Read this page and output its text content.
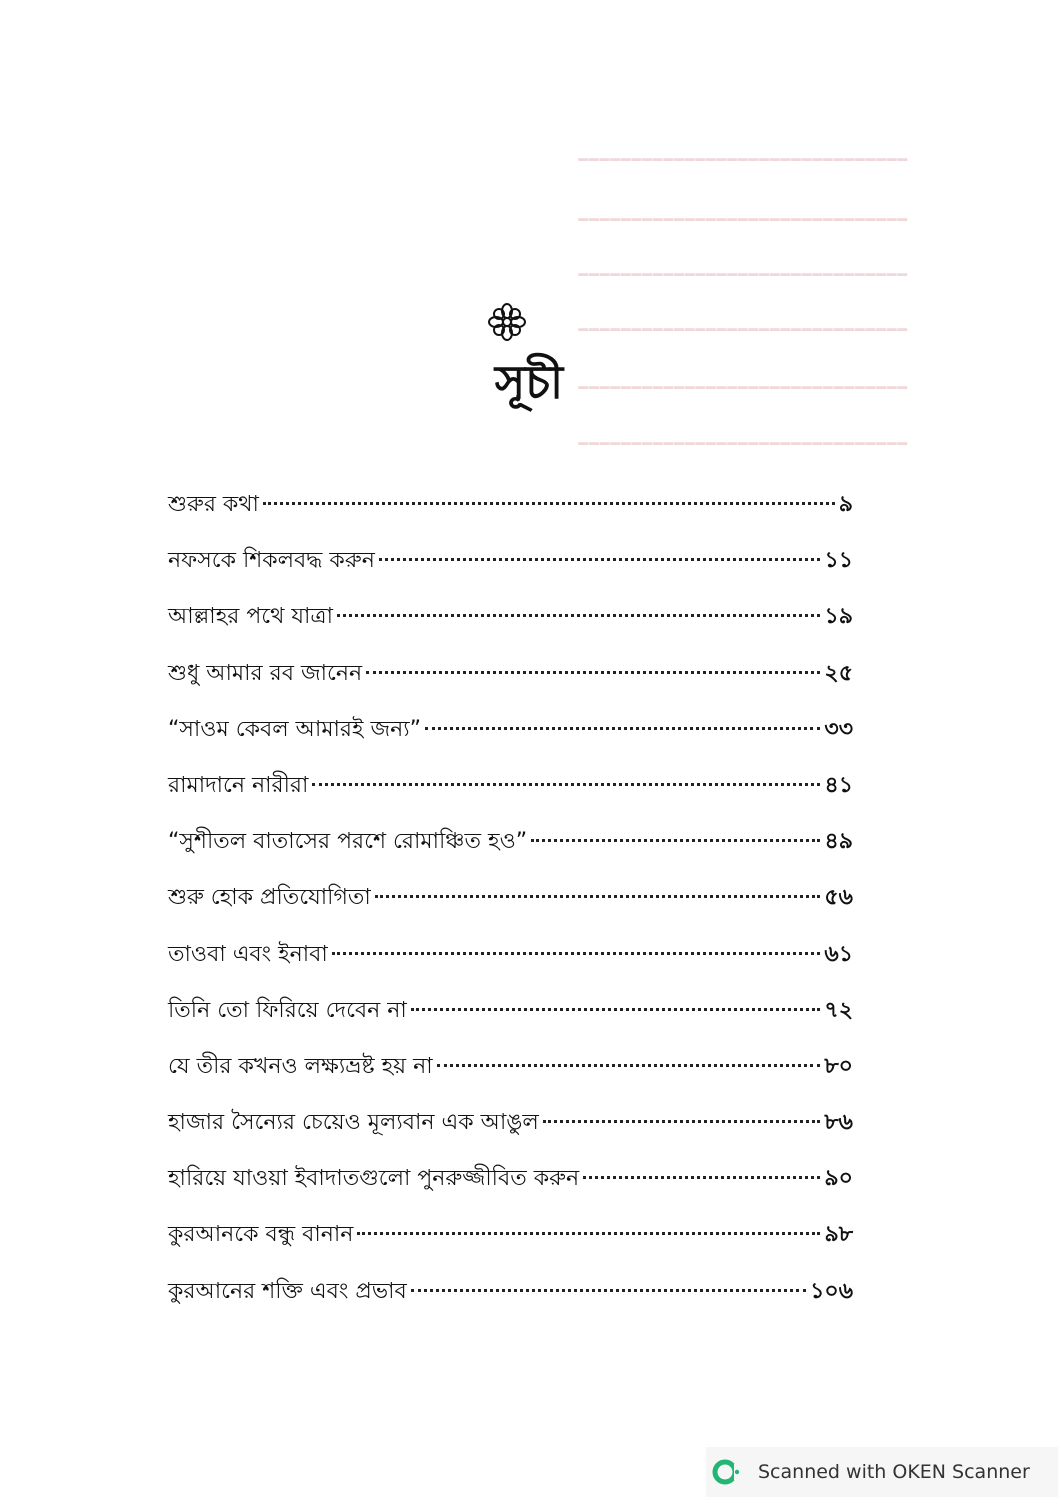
━━━━━━━━━━━━━━━━━━━━━━━━━━━━━━━
━━━━━━━━━━━━━━━━━━━━━━━━━━━━━━━
━━━━━━━━━━━━━━━━━━━━━━━━━━━━━━━
━━━━━━━━━━━━━━━━━━━━━━━━━━━━━━━
━━━━━━━━━━━━━━━━━━━━━━━━━━━━━━━
━━━━━━━━━━━━━━━━━━━━━━━━━━━━━━━
সূচী
শুরুর কথা	৯
নফসকে শিকলবদ্ধ করুন	১১
আল্লাহর পথে যাত্রা	১৯
শুধু আমার রব জানেন	২৫
“সাওম কেবল আমারই জন্য”	৩৩
রামাদানে নারীরা	৪১
“সুশীতল বাতাসের পরশে রোমাঞ্চিত হও”	৪৯
শুরু হোক প্রতিযোগিতা	৫৬
তাওবা এবং ইনাবা	৬১
তিনি তো ফিরিয়ে দেবেন না	৭২
যে তীর কখনও লক্ষ্যভ্রষ্ট হয় না	৮০
হাজার সৈন্যের চেয়েও মূল্যবান এক আঙুল	৮৬
হারিয়ে যাওয়া ইবাদাতগুলো পুনরুজ্জীবিত করুন	৯০
কুরআনকে বন্ধু বানান	৯৮
কুরআনের শক্তি এবং প্রভাব	১০৬
Scanned with OKEN Scanner
